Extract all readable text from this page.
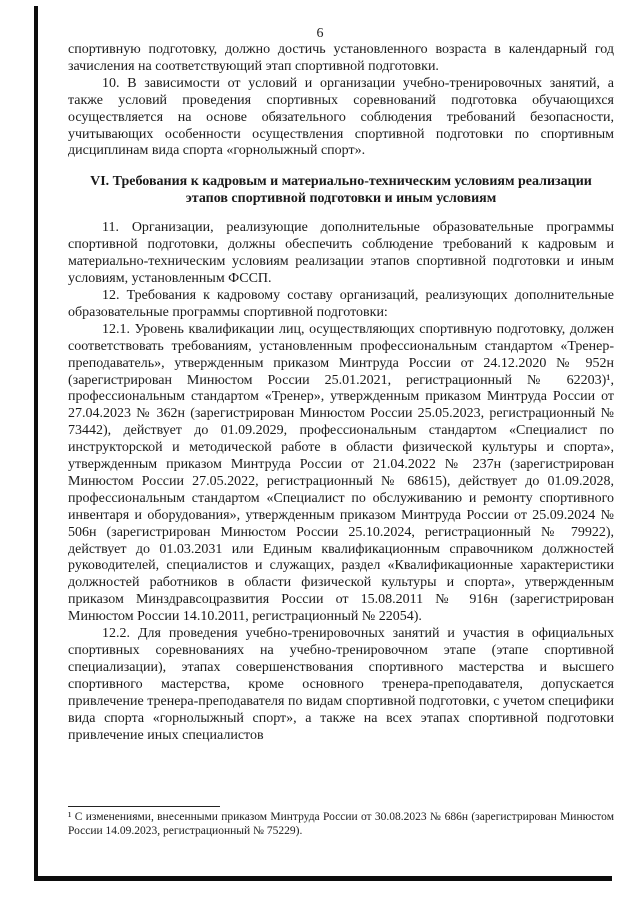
6

спортивную подготовку, должно достичь установленного возраста в календарный год зачисления на соответствующий этап спортивной подготовки.

10. В зависимости от условий и организации учебно-тренировочных занятий, а также условий проведения спортивных соревнований подготовка обучающихся осуществляется на основе обязательного соблюдения требований безопасности, учитывающих особенности осуществления спортивной подготовки по спортивным дисциплинам вида спорта «горнолыжный спорт».

VI. Требования к кадровым и материально-техническим условиям реализации этапов спортивной подготовки и иным условиям

11. Организации, реализующие дополнительные образовательные программы спортивной подготовки, должны обеспечить соблюдение требований к кадровым и материально-техническим условиям реализации этапов спортивной подготовки и иным условиям, установленным ФССП.

12. Требования к кадровому составу организаций, реализующих дополнительные образовательные программы спортивной подготовки:

12.1. Уровень квалификации лиц, осуществляющих спортивную подготовку, должен соответствовать требованиям, установленным профессиональным стандартом «Тренер-преподаватель», утвержденным приказом Минтруда России от 24.12.2020 № 952н (зарегистрирован Минюстом России 25.01.2021, регистрационный № 62203)¹, профессиональным стандартом «Тренер», утвержденным приказом Минтруда России от 27.04.2023 № 362н (зарегистрирован Минюстом России 25.05.2023, регистрационный № 73442), действует до 01.09.2029, профессиональным стандартом «Специалист по инструкторской и методической работе в области физической культуры и спорта», утвержденным приказом Минтруда России от 21.04.2022 № 237н (зарегистрирован Минюстом России 27.05.2022, регистрационный № 68615), действует до 01.09.2028, профессиональным стандартом «Специалист по обслуживанию и ремонту спортивного инвентаря и оборудования», утвержденным приказом Минтруда России от 25.09.2024 № 506н (зарегистрирован Минюстом России 25.10.2024, регистрационный № 79922), действует до 01.03.2031 или Единым квалификационным справочником должностей руководителей, специалистов и служащих, раздел «Квалификационные характеристики должностей работников в области физической культуры и спорта», утвержденным приказом Минздравсоцразвития России от 15.08.2011 № 916н (зарегистрирован Минюстом России 14.10.2011, регистрационный № 22054).

12.2. Для проведения учебно-тренировочных занятий и участия в официальных спортивных соревнованиях на учебно-тренировочном этапе (этапе спортивной специализации), этапах совершенствования спортивного мастерства и высшего спортивного мастерства, кроме основного тренера-преподавателя, допускается привлечение тренера-преподавателя по видам спортивной подготовки, с учетом специфики вида спорта «горнолыжный спорт», а также на всех этапах спортивной подготовки привлечение иных специалистов

¹ С изменениями, внесенными приказом Минтруда России от 30.08.2023 № 686н (зарегистрирован Минюстом России 14.09.2023, регистрационный № 75229).
